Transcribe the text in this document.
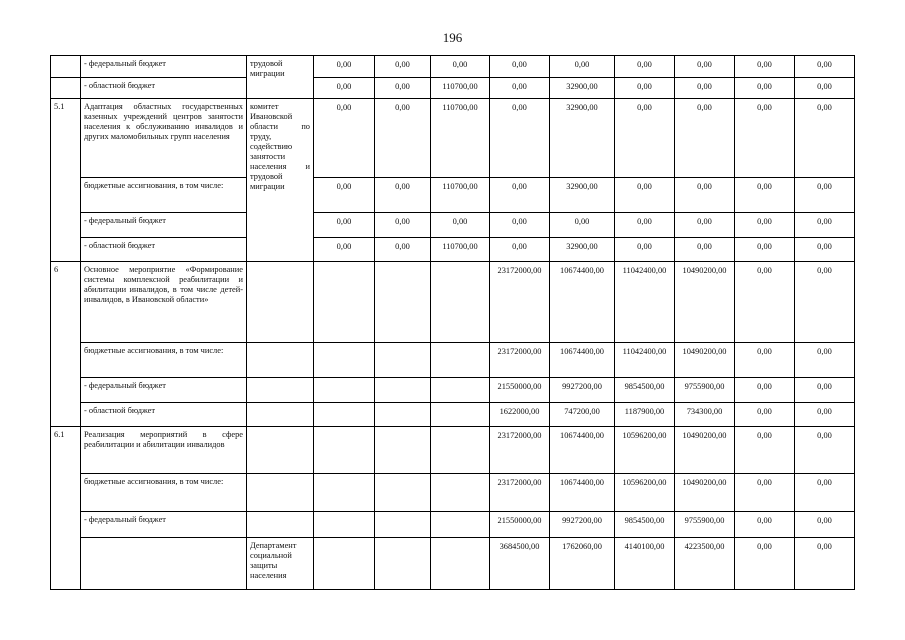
196
	- федеральный бюджет	трудовой миграции	0,00	0,00	0,00	0,00	0,00	0,00	0,00	0,00	0,00
	- областной бюджет		0,00	0,00	110700,00	0,00	32900,00	0,00	0,00	0,00	0,00
5.1	Адаптация областных государственных казенных учреждений центров занятости населения к обслуживанию инвалидов и других маломобильных групп населения	комитет Ивановской области по труду, содействию занятости населения и трудовой миграции	0,00	0,00	110700,00	0,00	32900,00	0,00	0,00	0,00	0,00
	бюджетные ассигнования, в том числе:		0,00	0,00	110700,00	0,00	32900,00	0,00	0,00	0,00	0,00
	- федеральный бюджет		0,00	0,00	0,00	0,00	0,00	0,00	0,00	0,00	0,00
	- областной бюджет		0,00	0,00	110700,00	0,00	32900,00	0,00	0,00	0,00	0,00
6	Основное мероприятие «Формирование системы комплексной реабилитации и абилитации инвалидов, в том числе детей-инвалидов, в Ивановской области»					23172000,00	10674400,00	11042400,00	10490200,00	0,00	0,00
	бюджетные ассигнования, в том числе:					23172000,00	10674400,00	11042400,00	10490200,00	0,00	0,00
	- федеральный бюджет					21550000,00	9927200,00	9854500,00	9755900,00	0,00	0,00
	- областной бюджет					1622000,00	747200,00	1187900,00	734300,00	0,00	0,00
6.1	Реализация мероприятий в сфере реабилитации и абилитации инвалидов					23172000,00	10674400,00	10596200,00	10490200,00	0,00	0,00
	бюджетные ассигнования, в том числе:					23172000,00	10674400,00	10596200,00	10490200,00	0,00	0,00
	- федеральный бюджет					21550000,00	9927200,00	9854500,00	9755900,00	0,00	0,00
		Департамент социальной защиты населения				3684500,00	1762060,00	4140100,00	4223500,00	0,00	0,00
